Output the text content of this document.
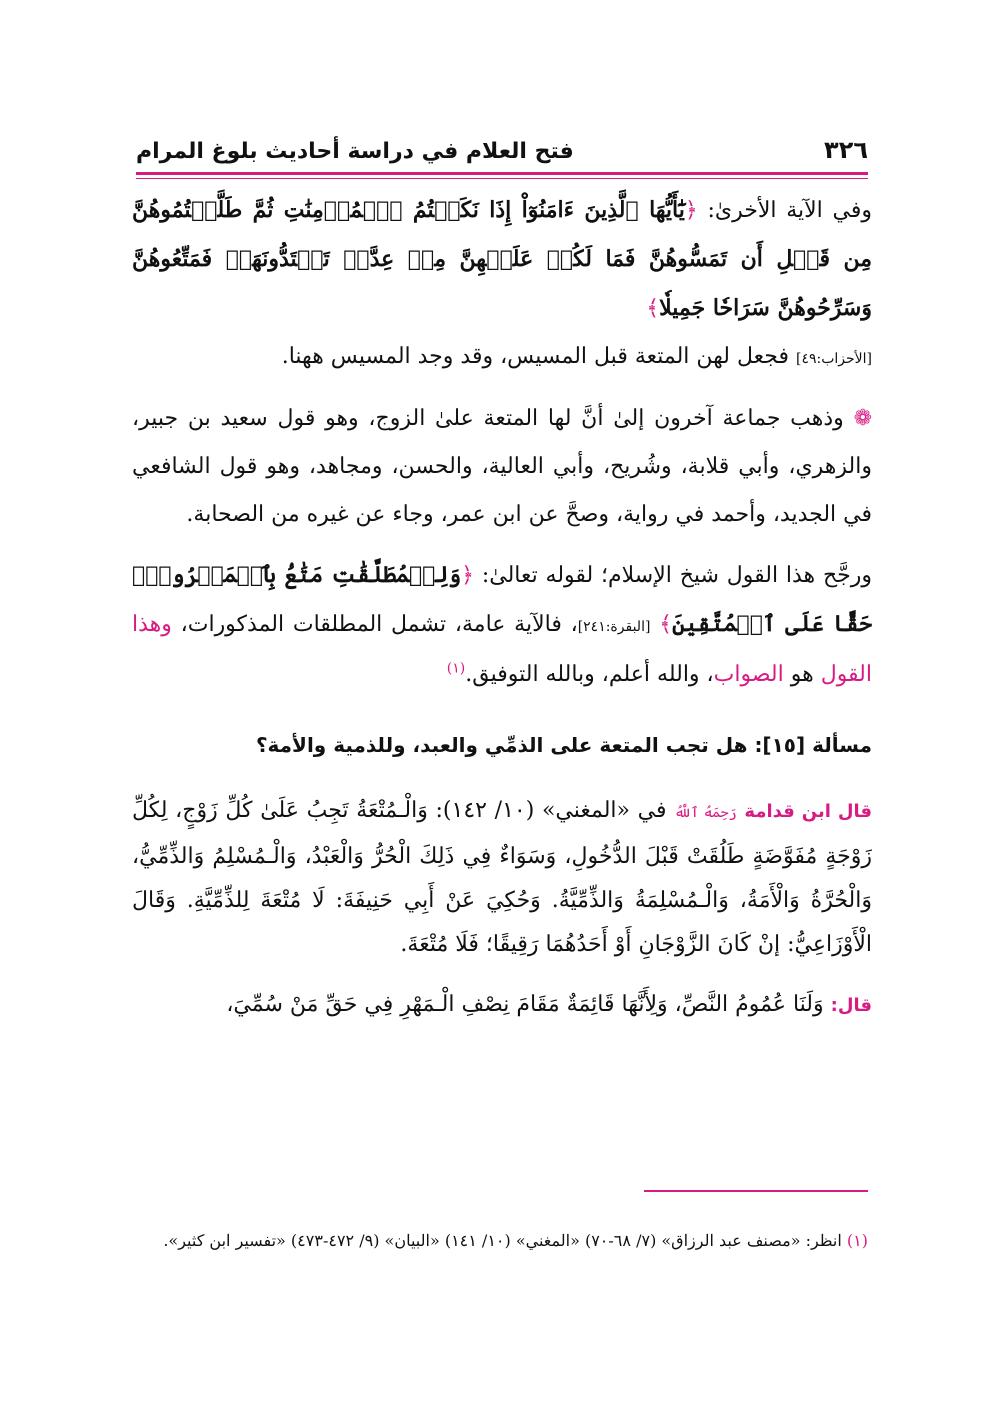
٣٢٦
فتح العلام في دراسة أحاديث بلوغ المرام

وفي الآية الأخرىٰ: ﴿يَٰٓأَيُّهَا ٱلَّذِينَ ءَامَنُوٓاْ إِذَا نَكَحۡتُمُ ٱلۡمُؤۡمِنَٰتِ ثُمَّ طَلَّقۡتُمُوهُنَّ مِن قَبۡلِ أَن تَمَسُّوهُنَّ فَمَا لَكُمۡ عَلَيۡهِنَّ مِنۡ عِدَّةٖ تَعۡتَدُّونَهَاۖ فَمَتِّعُوهُنَّ وَسَرِّحُوهُنَّ سَرَاحٗا جَمِيلٗا﴾
[الأحزاب:٤٩] فجعل لهن المتعة قبل المسيس، وقد وجد المسيس ههنا.

❁ وذهب جماعة آخرون إلىٰ أنَّ لها المتعة علىٰ الزوج، وهو قول سعيد بن جبير، والزهري، وأبي قلابة، وشُريح، وأبي العالية، والحسن، ومجاهد، وهو قول الشافعي في الجديد، وأحمد في رواية، وصحَّ عن ابن عمر، وجاء عن غيره من الصحابة.

ورجَّح هذا القول شيخ الإسلام؛ لقوله تعالىٰ: ﴿وَلِلۡمُطَلَّقَٰتِ مَتَٰعُۢ بِٱلۡمَعۡرُوفِۖ حَقًّا عَلَى ٱلۡمُتَّقِينَ﴾ [البقرة:٢٤١]، فالآية عامة، تشمل المطلقات المذكورات، وهذا القول هو الصواب، والله أعلم، وبالله التوفيق.$^{(١)}$

مسألة [١٥]: هل تجب المتعة على الذمِّي والعبد، وللذمية والأمة؟

قال ابن قدامة رَحِمَهُ ٱللَّهُ في «المغني» (١٠/ ١٤٢): وَالْـمُتْعَةُ تَجِبُ عَلَىٰ كُلِّ زَوْجٍ، لِكُلِّ زَوْجَةٍ مُفَوَّضَةٍ طَلُقَتْ قَبْلَ الدُّخُولِ، وَسَوَاءٌ فِي ذَلِكَ الْحُرُّ وَالْعَبْدُ، وَالْـمُسْلِمُ وَالذِّمِّيُّ، وَالْحُرَّةُ وَالْأَمَةُ، وَالْـمُسْلِمَةُ وَالذِّمِّيَّةُ. وَحُكِيَ عَنْ أَبِي حَنِيفَةَ: لَا مُتْعَةَ لِلذِّمِّيَّةِ. وَقَالَ الْأَوْزَاعِيُّ: إنْ كَانَ الزَّوْجَانِ أَوْ أَحَدُهُمَا رَقِيقًا؛ فَلَا مُتْعَةَ.

قال: وَلَنَا عُمُومُ النَّصِّ، وَلِأَنَّهَا قَائِمَةٌ مَقَامَ نِصْفِ الْـمَهْرِ فِي حَقِّ مَنْ سُمِّيَ،

(١) انظر: «مصنف عبد الرزاق» (٧/ ٦٨-٧٠) «المغني» (١٠/ ١٤١) «البيان» (٩/ ٤٧٢-٤٧٣) «تفسير ابن كثير».
